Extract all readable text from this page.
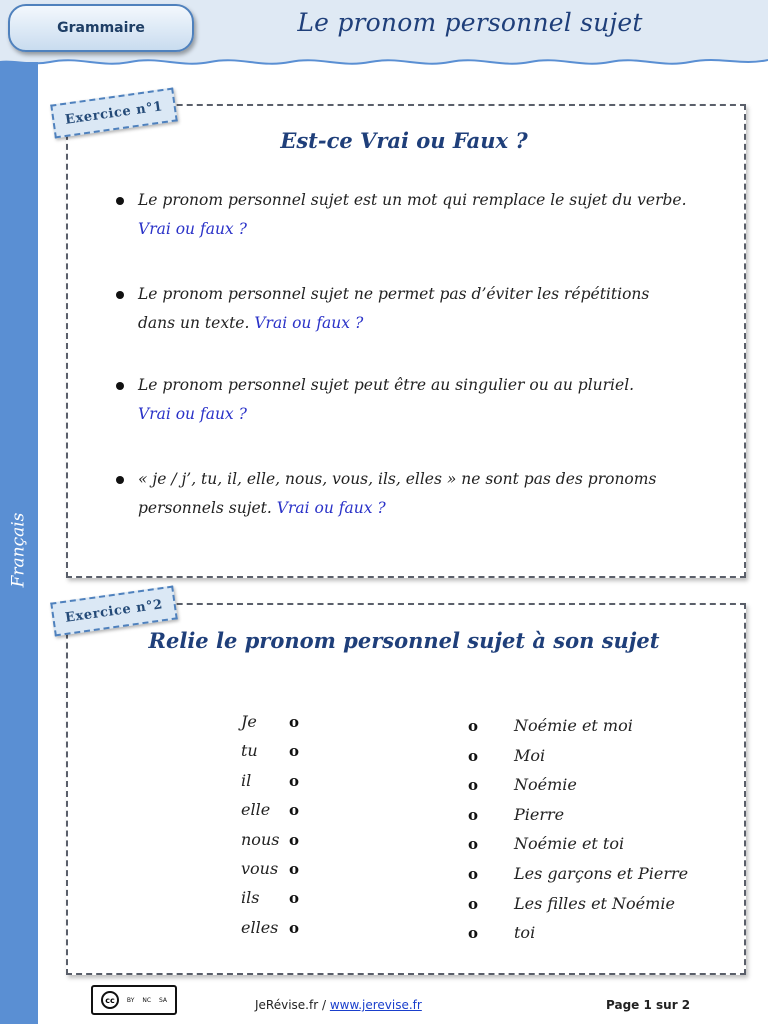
Grammaire	Le pronom personnel sujet
Français
Exercice n°1
Est-ce Vrai ou Faux ?
Le pronom personnel sujet est un mot qui remplace le sujet du verbe.
Vrai ou faux ?
Le pronom personnel sujet ne permet pas d’éviter les répétitions dans un texte. Vrai ou faux ?
Le pronom personnel sujet peut être au singulier ou au pluriel.
Vrai ou faux ?
« je / j’, tu, il, elle, nous, vous, ils, elles » ne sont pas des pronoms personnels sujet. Vrai ou faux ?
Exercice n°2
Relie le pronom personnel sujet à son sujet
Je o
tu o
il	o
elle o
nous o
vous o
ils o
elles o
o Noémie et moi
o Moi
o Noémie
o Pierre
o Noémie et toi
o Les garçons et Pierre
o Les filles et Noémie
o toi
cc	BY NC SA	JeRévise.fr / www.jerevise.fr	Page 1 sur 2
